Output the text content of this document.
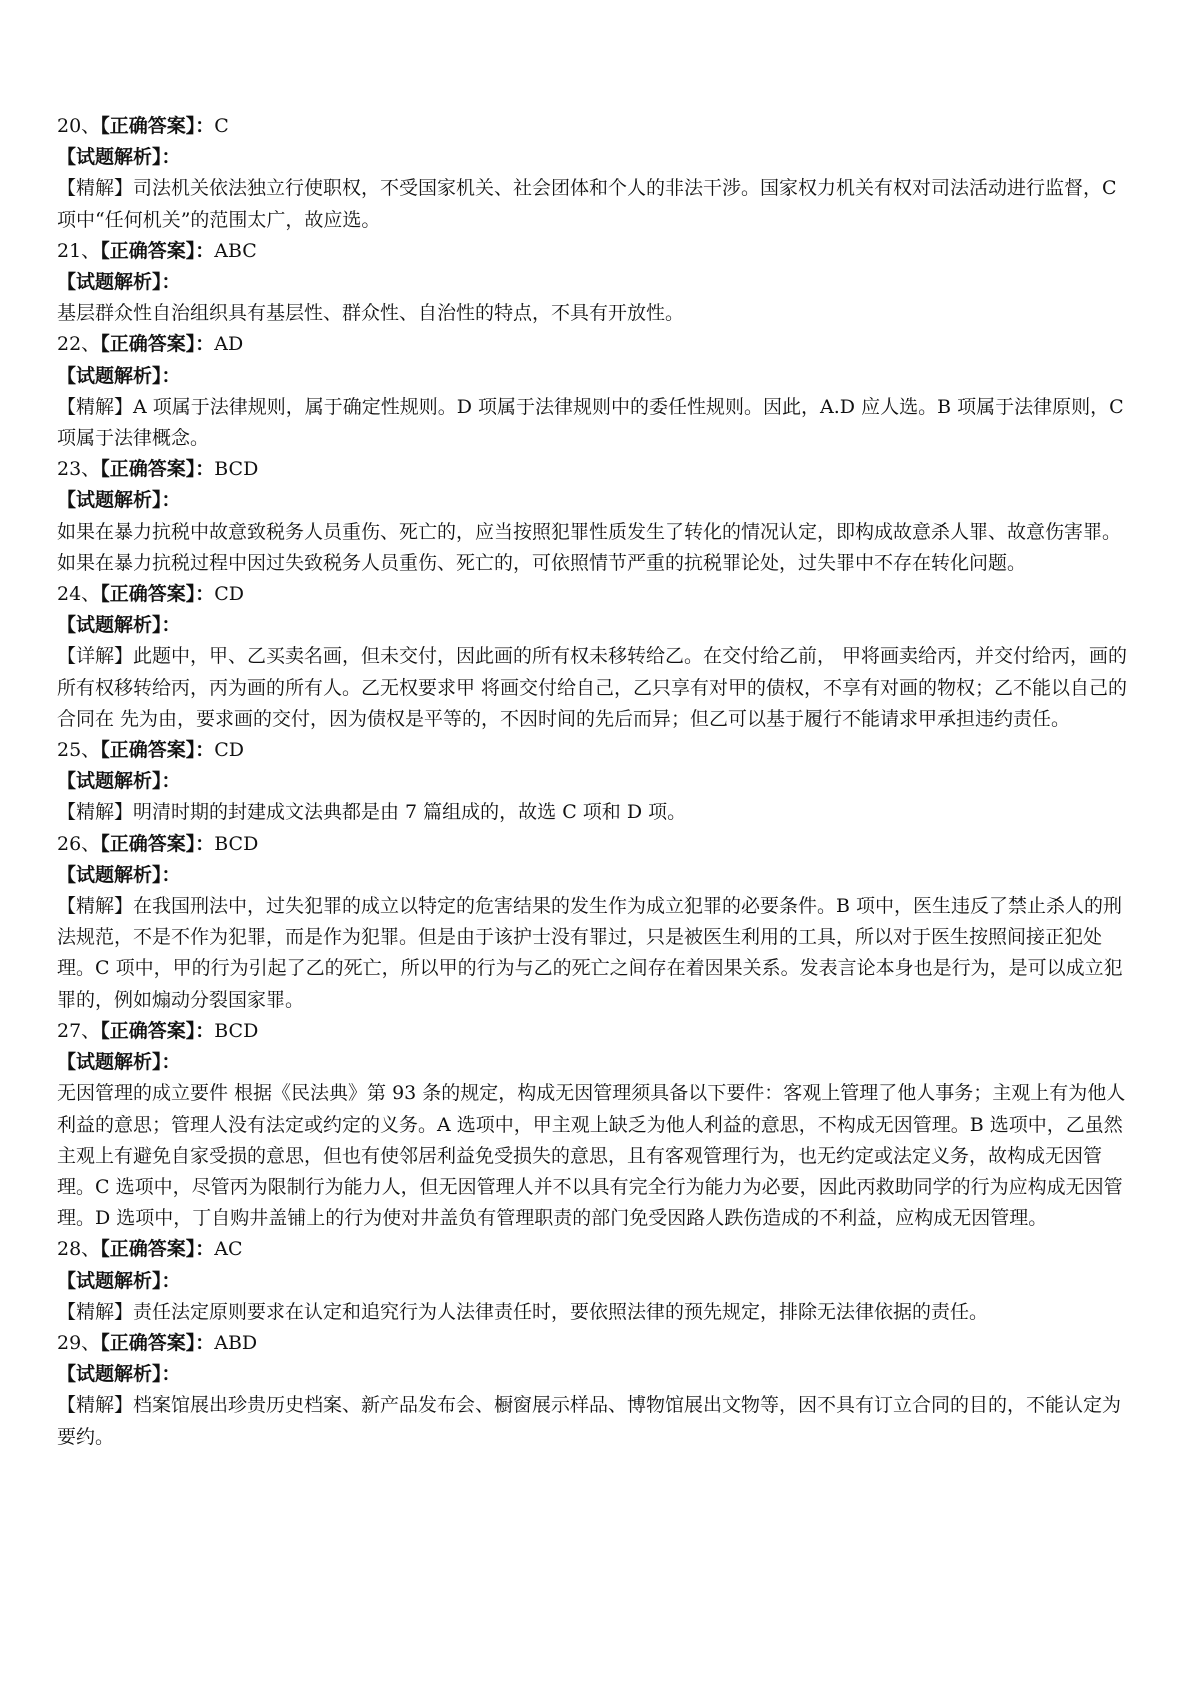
20、【正确答案】：C
【试题解析】：

【精解】司法机关依法独立行使职权，不受国家机关、社会团体和个人的非法干涉。国家权力机关有权对司法活动进行监督，C 项中“任何机关”的范围太广，故应选。

21、【正确答案】：ABC
【试题解析】：

基层群众性自治组织具有基层性、群众性、自治性的特点，不具有开放性。

22、【正确答案】：AD
【试题解析】：

【精解】A 项属于法律规则，属于确定性规则。D 项属于法律规则中的委任性规则。因此，A.D 应人选。B 项属于法律原则，C 项属于法律概念。

23、【正确答案】：BCD
【试题解析】：

如果在暴力抗税中故意致税务人员重伤、死亡的，应当按照犯罪性质发生了转化的情况认定，即构成故意杀人罪、故意伤害罪。如果在暴力抗税过程中因过失致税务人员重伤、死亡的，可依照情节严重的抗税罪论处，过失罪中不存在转化问题。

24、【正确答案】：CD
【试题解析】：

【详解】此题中，甲、乙买卖名画，但未交付，因此画的所有权未移转给乙。在交付给乙前， 甲将画卖给丙，并交付给丙，画的所有权移转给丙，丙为画的所有人。乙无权要求甲 将画交付给自己，乙只享有对甲的债权，不享有对画的物权；乙不能以自己的合同在 先为由，要求画的交付，因为债权是平等的，不因时间的先后而异；但乙可以基于履行不能请求甲承担违约责任。

25、【正确答案】：CD
【试题解析】：

【精解】明清时期的封建成文法典都是由 7 篇组成的，故选 C 项和 D 项。

26、【正确答案】：BCD
【试题解析】：

【精解】在我国刑法中，过失犯罪的成立以特定的危害结果的发生作为成立犯罪的必要条件。B 项中，医生违反了禁止杀人的刑法规范，不是不作为犯罪，而是作为犯罪。但是由于该护士没有罪过，只是被医生利用的工具，所以对于医生按照间接正犯处理。C 项中，甲的行为引起了乙的死亡，所以甲的行为与乙的死亡之间存在着因果关系。发表言论本身也是行为，是可以成立犯罪的，例如煽动分裂国家罪。

27、【正确答案】：BCD
【试题解析】：

无因管理的成立要件 根据《民法典》第 93 条的规定，构成无因管理须具备以下要件：客观上管理了他人事务；主观上有为他人利益的意思；管理人没有法定或约定的义务。A 选项中，甲主观上缺乏为他人利益的意思，不构成无因管理。B 选项中，乙虽然主观上有避免自家受损的意思，但也有使邻居利益免受损失的意思，且有客观管理行为，也无约定或法定义务，故构成无因管理。C 选项中，尽管丙为限制行为能力人，但无因管理人并不以具有完全行为能力为必要，因此丙救助同学的行为应构成无因管理。D 选项中，丁自购井盖铺上的行为使对井盖负有管理职责的部门免受因路人跌伤造成的不利益，应构成无因管理。

28、【正确答案】：AC
【试题解析】：

【精解】责任法定原则要求在认定和追究行为人法律责任时，要依照法律的预先规定，排除无法律依据的责任。

29、【正确答案】：ABD
【试题解析】：

【精解】档案馆展出珍贵历史档案、新产品发布会、橱窗展示样品、博物馆展出文物等，因不具有订立合同的目的，不能认定为要约。
